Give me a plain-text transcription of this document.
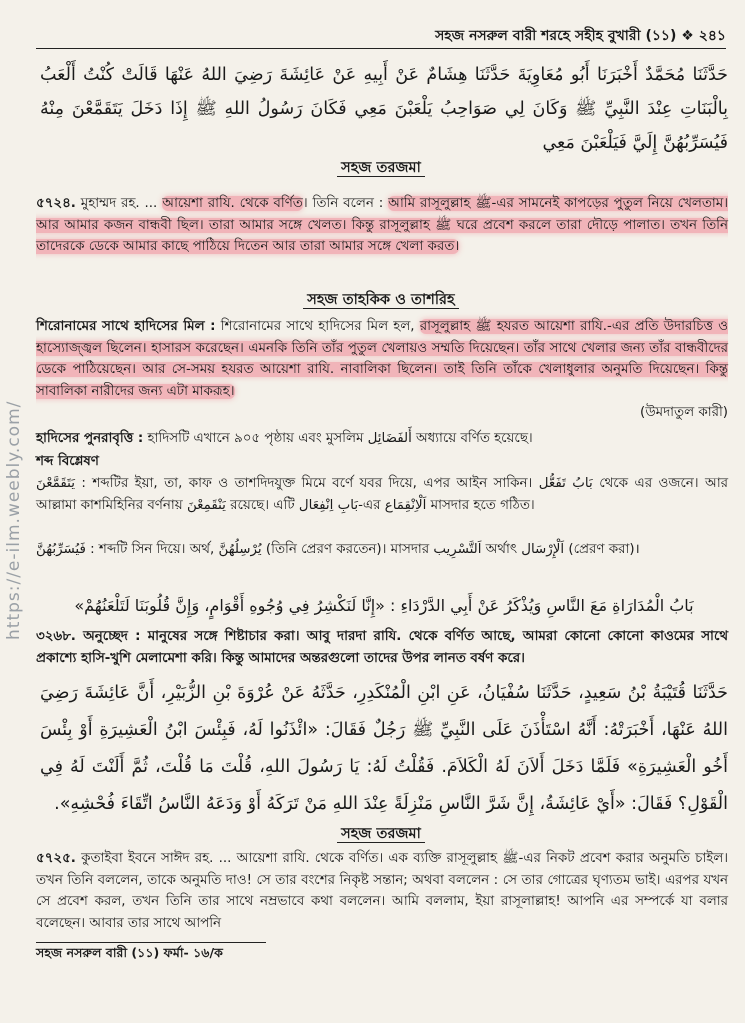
সহজ নসরুল বারী শরহে সহীহ বুখারী (১১) ❖ ২৪১

حَدَّثَنَا مُحَمَّدٌ أَخْبَرَنَا أَبُو مُعَاوِيَةَ حَدَّثَنَا هِشَامٌ عَنْ أَبِيهِ عَنْ عَائِشَةَ رَضِيَ اللهُ عَنْهَا قَالَتْ كُنْتُ أَلْعَبُ بِالْبَنَاتِ عِنْدَ النَّبِيِّ ﷺ وَكَانَ لِي صَوَاحِبُ يَلْعَبْنَ مَعِي فَكَانَ رَسُولُ اللهِ ﷺ إِذَا دَخَلَ يَتَقَمَّعْنَ مِنْهُ فَيُسَرِّبُهُنَّ إِلَيَّ فَيَلْعَبْنَ مَعِي

সহজ তরজমা
৫৭২৪. মুহাম্মদ রহ. ... আয়েশা রাযি. থেকে বর্ণিত। তিনি বলেন : আমি রাসূলুল্লাহ ﷺ-এর সামনেই কাপড়ের পুতুল নিয়ে খেলতাম। আর আমার কজন বান্ধবী ছিল। তারা আমার সঙ্গে খেলত। কিন্তু রাসূলুল্লাহ ﷺ ঘরে প্রবেশ করলে তারা দৌড়ে পালাত। তখন তিনি তাদেরকে ডেকে আমার কাছে পাঠিয়ে দিতেন আর তারা আমার সঙ্গে খেলা করত।
সহজ তাহকিক ও তাশরিহ
শিরোনামের সাথে হাদিসের মিল : শিরোনামের সাথে হাদিসের মিল হল, রাসূলুল্লাহ ﷺ হযরত আয়েশা রাযি.-এর প্রতি উদারচিত্ত ও হাস্যোজ্জ্বল ছিলেন। হাসারস করেছেন। এমনকি তিনি তাঁর পুতুল খেলায়ও সম্মতি দিয়েছেন। তাঁর সাথে খেলার জন্য তাঁর বান্ধবীদের ডেকে পাঠিয়েছেন। আর সে-সময় হযরত আয়েশা রাযি. নাবালিকা ছিলেন। তাই তিনি তাঁকে খেলাধুলার অনুমতি দিয়েছেন। কিন্তু সাবালিকা নারীদের জন্য এটা মাকরূহ।
(উমদাতুল কারী)
হাদিসের পুনরাবৃত্তি : হাদিসটি এখানে ৯০৫ পৃষ্ঠায় এবং মুসলিম أَلفَضَائِل অধ্যায়ে বর্ণিত হয়েছে।
শব্দ বিশ্লেষণ
يَتَقَمَّعْنَ : শব্দটির ইয়া, তা, কাফ ও তাশদিদযুক্ত মিমে বর্ণে যবর দিয়ে, এপর আইন সাকিন। بَابُ تَفَعُّل থেকে এর ওজনে। আর আল্লামা কাশমিহিনির বর্ণনায় يَنْقَمِعْنَ রয়েছে। এটি بَابِ اِنْفِعَال-এর اَلْاِنْقِمَاع মাসদার হতে গঠিত।
فَيُسَرِّبُهُنَّ : শব্দটি সিন দিয়ে। অর্থ, يُرْسِلُهُنَّ (তিনি প্রেরণ করতেন)। মাসদার اَلتَّسْرِيب অর্থাৎ اَلْإِرْسَال (প্রেরণ করা)।

بَابُ الْمُدَارَاةِ مَعَ النَّاسِ وَيُذْكَرُ عَنْ أَبِي الدَّرْدَاءِ : «إِنَّا لَنَكْشِرُ فِي وُجُوهِ أَقْوَامٍ، وَإِنَّ قُلُوبَنَا لَتَلْعَنُهُمْ»

৩২৬৮. অনুচ্ছেদ : মানুষের সঙ্গে শিষ্টাচার করা। আবু দারদা রাযি. থেকে বর্ণিত আছে, আমরা কোনো কোনো কাওমের সাথে প্রকাশ্যে হাসি-খুশি মেলামেশা করি। কিন্তু আমাদের অন্তরগুলো তাদের উপর লানত বর্ষণ করে।

حَدَّثَنَا قُتَيْبَةُ بْنُ سَعِيدٍ، حَدَّثَنَا سُفْيَانُ، عَنِ ابْنِ الْمُنْكَدِرِ، حَدَّثَهُ عَنْ عُرْوَةَ بْنِ الزُّبَيْرِ، أَنَّ عَائِشَةَ رَضِيَ اللهُ عَنْهَا، أَخْبَرَتْهُ: أَنَّهُ اسْتَأْذَنَ عَلَى النَّبِيِّ ﷺ رَجُلٌ فَقَالَ: «ائْذَنُوا لَهُ، فَبِئْسَ ابْنُ الْعَشِيرَةِ أَوْ بِئْسَ أَخُو الْعَشِيرَةِ» فَلَمَّا دَخَلَ أَلاَنَ لَهُ الْكَلاَمَ. فَقُلْتُ لَهُ: يَا رَسُولَ اللهِ، قُلْتَ مَا قُلْتَ، ثُمَّ أَلَنْتَ لَهُ فِي الْقَوْلِ؟ فَقَالَ: «أَيْ عَائِشَةُ، إِنَّ شَرَّ النَّاسِ مَنْزِلَةً عِنْدَ اللهِ مَنْ تَرَكَهُ أَوْ وَدَعَهُ النَّاسُ اتِّقَاءَ فُحْشِهِ».

সহজ তরজমা
৫৭২৫. কুতাইবা ইবনে সাঈদ রহ. ... আয়েশা রাযি. থেকে বর্ণিত। এক ব্যক্তি রাসূলুল্লাহ ﷺ-এর নিকট প্রবেশ করার অনুমতি চাইল। তখন তিনি বললেন, তাকে অনুমতি দাও! সে তার বংশের নিকৃষ্ট সন্তান; অথবা বললেন : সে তার গোত্রের ঘৃণ্যতম ভাই। এরপর যখন সে প্রবেশ করল, তখন তিনি তার সাথে নম্রভাবে কথা বললেন। আমি বললাম, ইয়া রাসূলাল্লাহ! আপনি এর সম্পর্কে যা বলার বলেছেন। আবার তার সাথে আপনি
সহজ নসরুল বারী (১১) ফর্মা- ১৬/ক
https://e-ilm.weebly.com/
